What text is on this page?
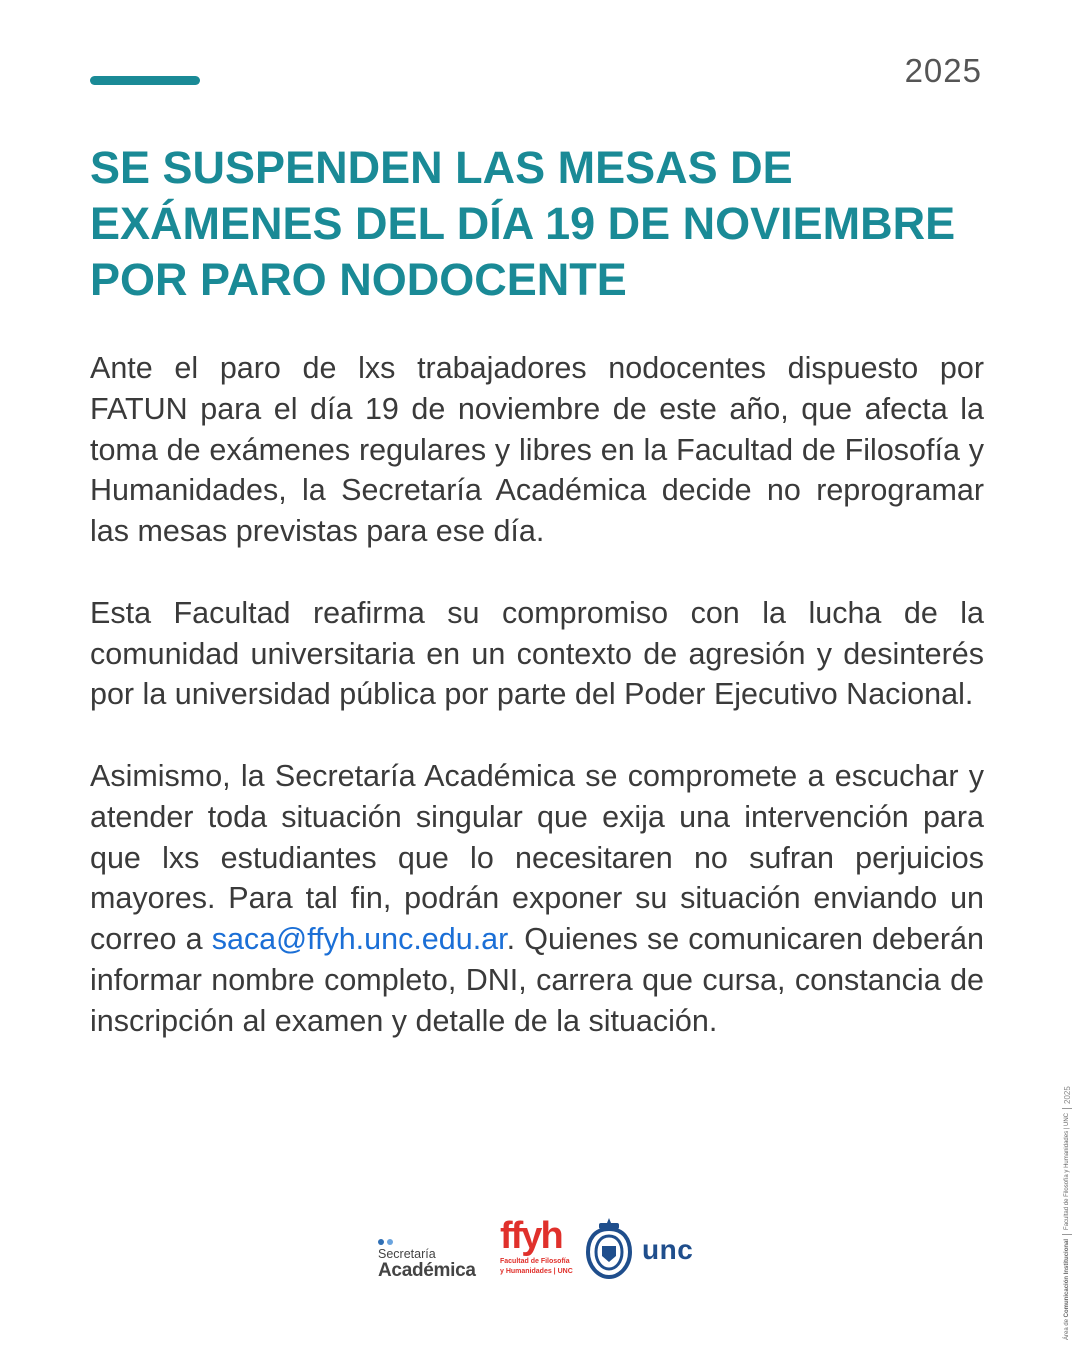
2025
SE SUSPENDEN LAS MESAS DE
EXÁMENES DEL DÍA 19 DE NOVIEMBRE
POR PARO NODOCENTE

Ante el paro de lxs trabajadores nodocentes dispuesto por FATUN para el día 19 de noviembre de este año, que afecta la toma de exámenes regulares y libres en la Facultad de Filosofía y Humanidades, la Secretaría Académica decide no reprogramar las mesas previstas para ese día.

Esta Facultad reafirma su compromiso con la lucha de la comunidad universitaria en un contexto de agresión y desinterés por la universidad pública por parte del Poder Ejecutivo Nacional.

Asimismo, la Secretaría Académica se compromete a escuchar y atender toda situación singular que exija una intervención para que lxs estudiantes que lo necesitaren no sufran perjuicios mayores. Para tal fin, podrán exponer su situación enviando un correo a saca@ffyh.unc.edu.ar. Quienes se comunicaren deberán informar nombre completo, DNI, carrera que cursa, constancia de inscripción al examen y detalle de la situación.

Secretaría
Académica
ffyh
Facultad de Filosofía
y Humanidades | UNC
unc
Área de Comunicación Institucional
Facultad de Filosofía y Humanidades | UNC
2025
